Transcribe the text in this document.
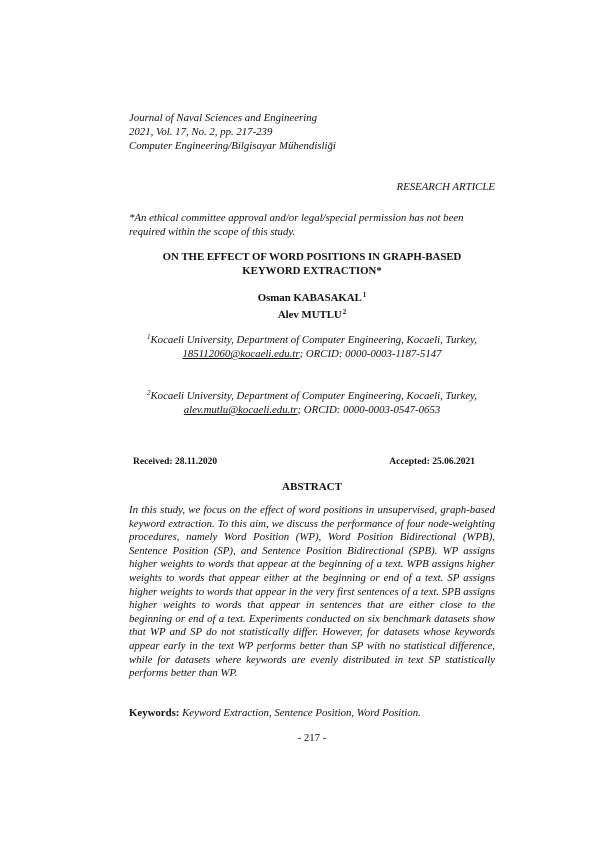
Journal of Naval Sciences and Engineering
2021, Vol. 17, No. 2, pp. 217-239
Computer Engineering/Bilgisayar Mühendisliği
RESEARCH ARTICLE
*An ethical committee approval and/or legal/special permission has not been required within the scope of this study.
ON THE EFFECT OF WORD POSITIONS IN GRAPH-BASED
KEYWORD EXTRACTION*
Osman KABASAKAL$^1$
Alev MUTLU$^2$
$^1$Kocaeli University, Department of Computer Engineering, Kocaeli, Turkey,
185112060@kocaeli.edu.tr; ORCID: 0000-0003-1187-5147
$^2$Kocaeli University, Department of Computer Engineering, Kocaeli, Turkey,
alev.mutlu@kocaeli.edu.tr; ORCID: 0000-0003-0547-0653
Received: 28.11.2020	Accepted: 25.06.2021
ABSTRACT
In this study, we focus on the effect of word positions in unsupervised, graph-based keyword extraction. To this aim, we discuss the performance of four node-weighting procedures, namely Word Position (WP), Word Position Bidirectional (WPB), Sentence Position (SP), and Sentence Position Bidirectional (SPB). WP assigns higher weights to words that appear at the beginning of a text. WPB assigns higher weights to words that appear either at the beginning or end of a text. SP assigns higher weights to words that appear in the very first sentences of a text. SPB assigns higher weights to words that appear in sentences that are either close to the beginning or end of a text. Experiments conducted on six benchmark datasets show that WP and SP do not statistically differ. However, for datasets whose keywords appear early in the text WP performs better than SP with no statistical difference, while for datasets where keywords are evenly distributed in text SP statistically performs better than WP.
Keywords: Keyword Extraction, Sentence Position, Word Position.
- 217 -
